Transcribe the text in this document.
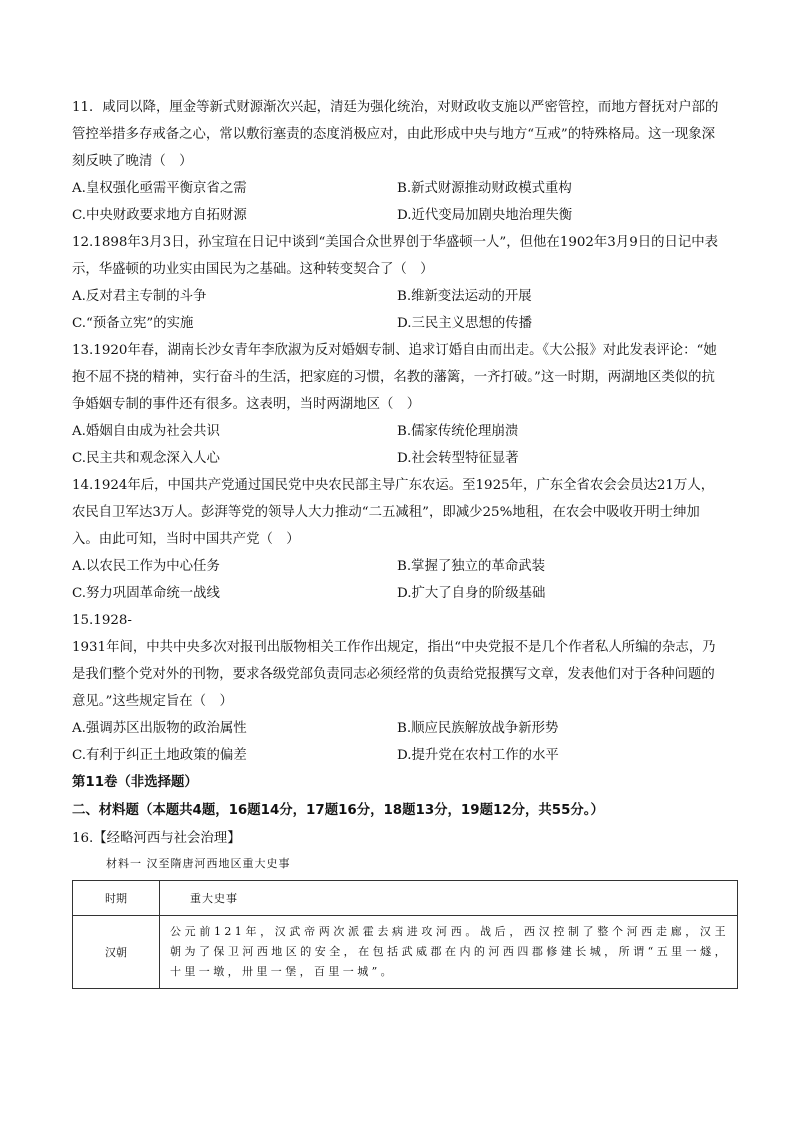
11．咸同以降，厘金等新式财源渐次兴起，清廷为强化统治，对财政收支施以严密管控，而地方督抚对户部的管控举措多存戒备之心，常以敷衍塞责的态度消极应对，由此形成中央与地方“互戒”的特殊格局。这一现象深刻反映了晚清（　）

A.皇权强化亟需平衡京省之需	B.新式财源推动财政模式重构
C.中央财政要求地方自拓财源	D.近代变局加剧央地治理失衡

12.1898年3月3日，孙宝瑄在日记中谈到“美国合众世界创于华盛顿一人”，但他在1902年3月9日的日记中表示，华盛顿的功业实由国民为之基础。这种转变契合了（　）

A.反对君主专制的斗争	B.维新变法运动的开展
C.“预备立宪”的实施	D.三民主义思想的传播

13.1920年春，湖南长沙女青年李欣淑为反对婚姻专制、追求订婚自由而出走。《大公报》对此发表评论：“她抱不屈不挠的精神，实行奋斗的生活，把家庭的习惯，名教的藩篱，一齐打破。”这一时期，两湖地区类似的抗争婚姻专制的事件还有很多。这表明，当时两湖地区（　）

A.婚姻自由成为社会共识	B.儒家传统伦理崩溃
C.民主共和观念深入人心	D.社会转型特征显著

14.1924年后，中国共产党通过国民党中央农民部主导广东农运。至1925年，广东全省农会会员达21万人，农民自卫军达3万人。彭湃等党的领导人大力推动“二五减租”，即减少25%地租，在农会中吸收开明士绅加入。由此可知，当时中国共产党（　）

A.以农民工作为中心任务	B.掌握了独立的革命武装
C.努力巩固革命统一战线	D.扩大了自身的阶级基础

15.1928-

1931年间，中共中央多次对报刊出版物相关工作作出规定，指出“中央党报不是几个作者私人所编的杂志，乃是我们整个党对外的刊物，要求各级党部负责同志必须经常的负责给党报撰写文章，发表他们对于各种问题的意见。”这些规定旨在（　）

A.强调苏区出版物的政治属性	B.顺应民族解放战争新形势
C.有利于纠正土地政策的偏差	D.提升党在农村工作的水平
第11卷（非选择题）
二、材料题（本题共4题，16题14分，17题16分，18题13分，19题12分，共55分。）
16.【经略河西与社会治理】
材料一 汉至隋唐河西地区重大史事
时期	重大史事
汉朝	公元前121年，汉武帝两次派霍去病进攻河西。战后，西汉控制了整个河西走廊，汉王朝为了保卫河西地区的安全，在包括武威郡在内的河西四郡修建长城，所谓“五里一燧，十里一墩，卅里一堡，百里一城”。
